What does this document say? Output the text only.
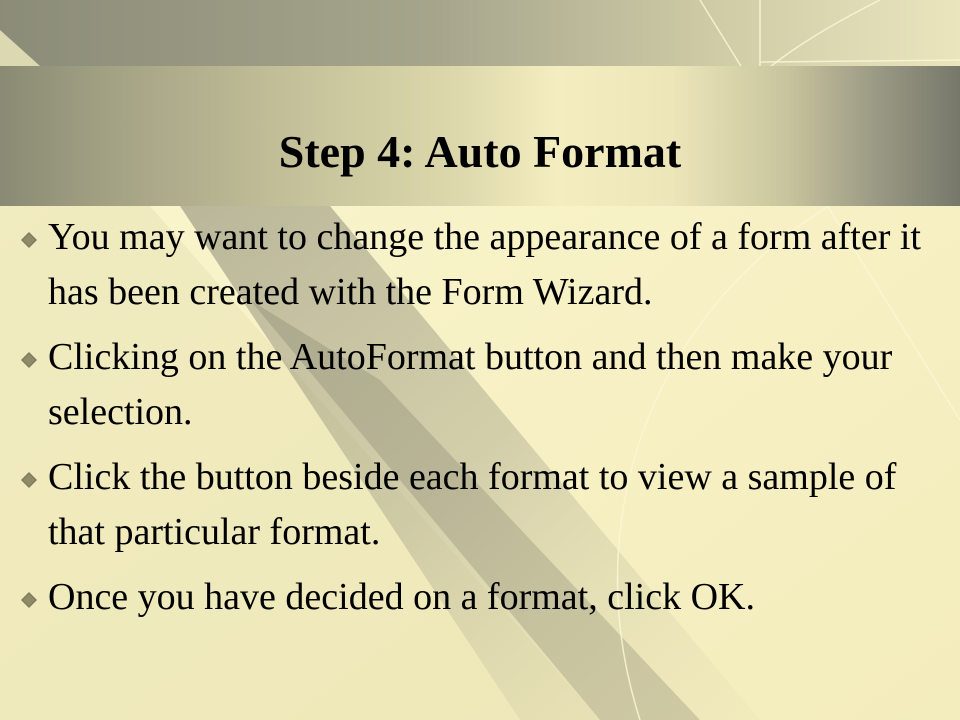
Step 4: Auto Format
You may want to change the appearance of a form after it has been created with the Form Wizard.
Clicking on the AutoFormat button and then make your selection.
Click the button beside each format to view a sample of that particular format.
Once you have decided on a format, click OK.
